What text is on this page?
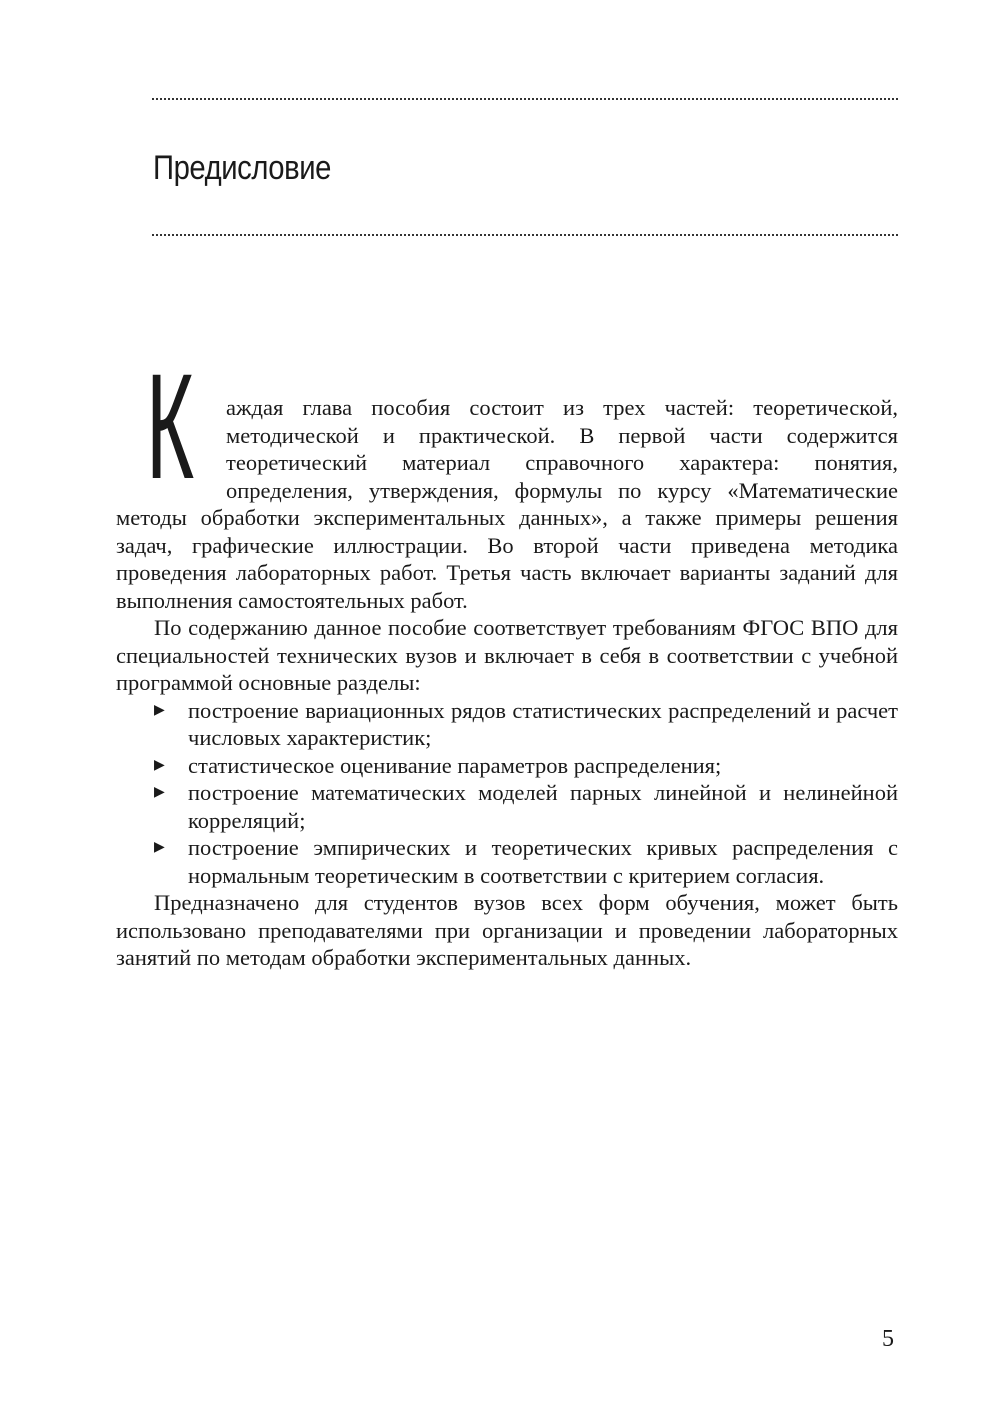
Предисловие

К аждая глава пособия состоит из трех частей: теоретической, методической и практической. В первой части содержится теоретический материал справочного характера: понятия, определения, утверждения, формулы по курсу «Математические методы обработки экспериментальных данных», а также примеры решения задач, графические иллюстрации. Во второй части приведена методика проведения лабораторных работ. Третья часть включает варианты заданий для выполнения самостоятельных работ.

По содержанию данное пособие соответствует требованиям ФГОС ВПО для специальностей технических вузов и включает в себя в соответствии с учебной программой основные разделы:

▶ построение вариационных рядов статистических распределений и расчет числовых характеристик;
▶ статистическое оценивание параметров распределения;
▶ построение математических моделей парных линейной и нелинейной корреляций;
▶ построение эмпирических и теоретических кривых распределения с нормальным теоретическим в соответствии с критерием согласия.

Предназначено для студентов вузов всех форм обучения, может быть использовано преподавателями при организации и проведении лабораторных занятий по методам обработки экспериментальных данных.

5
